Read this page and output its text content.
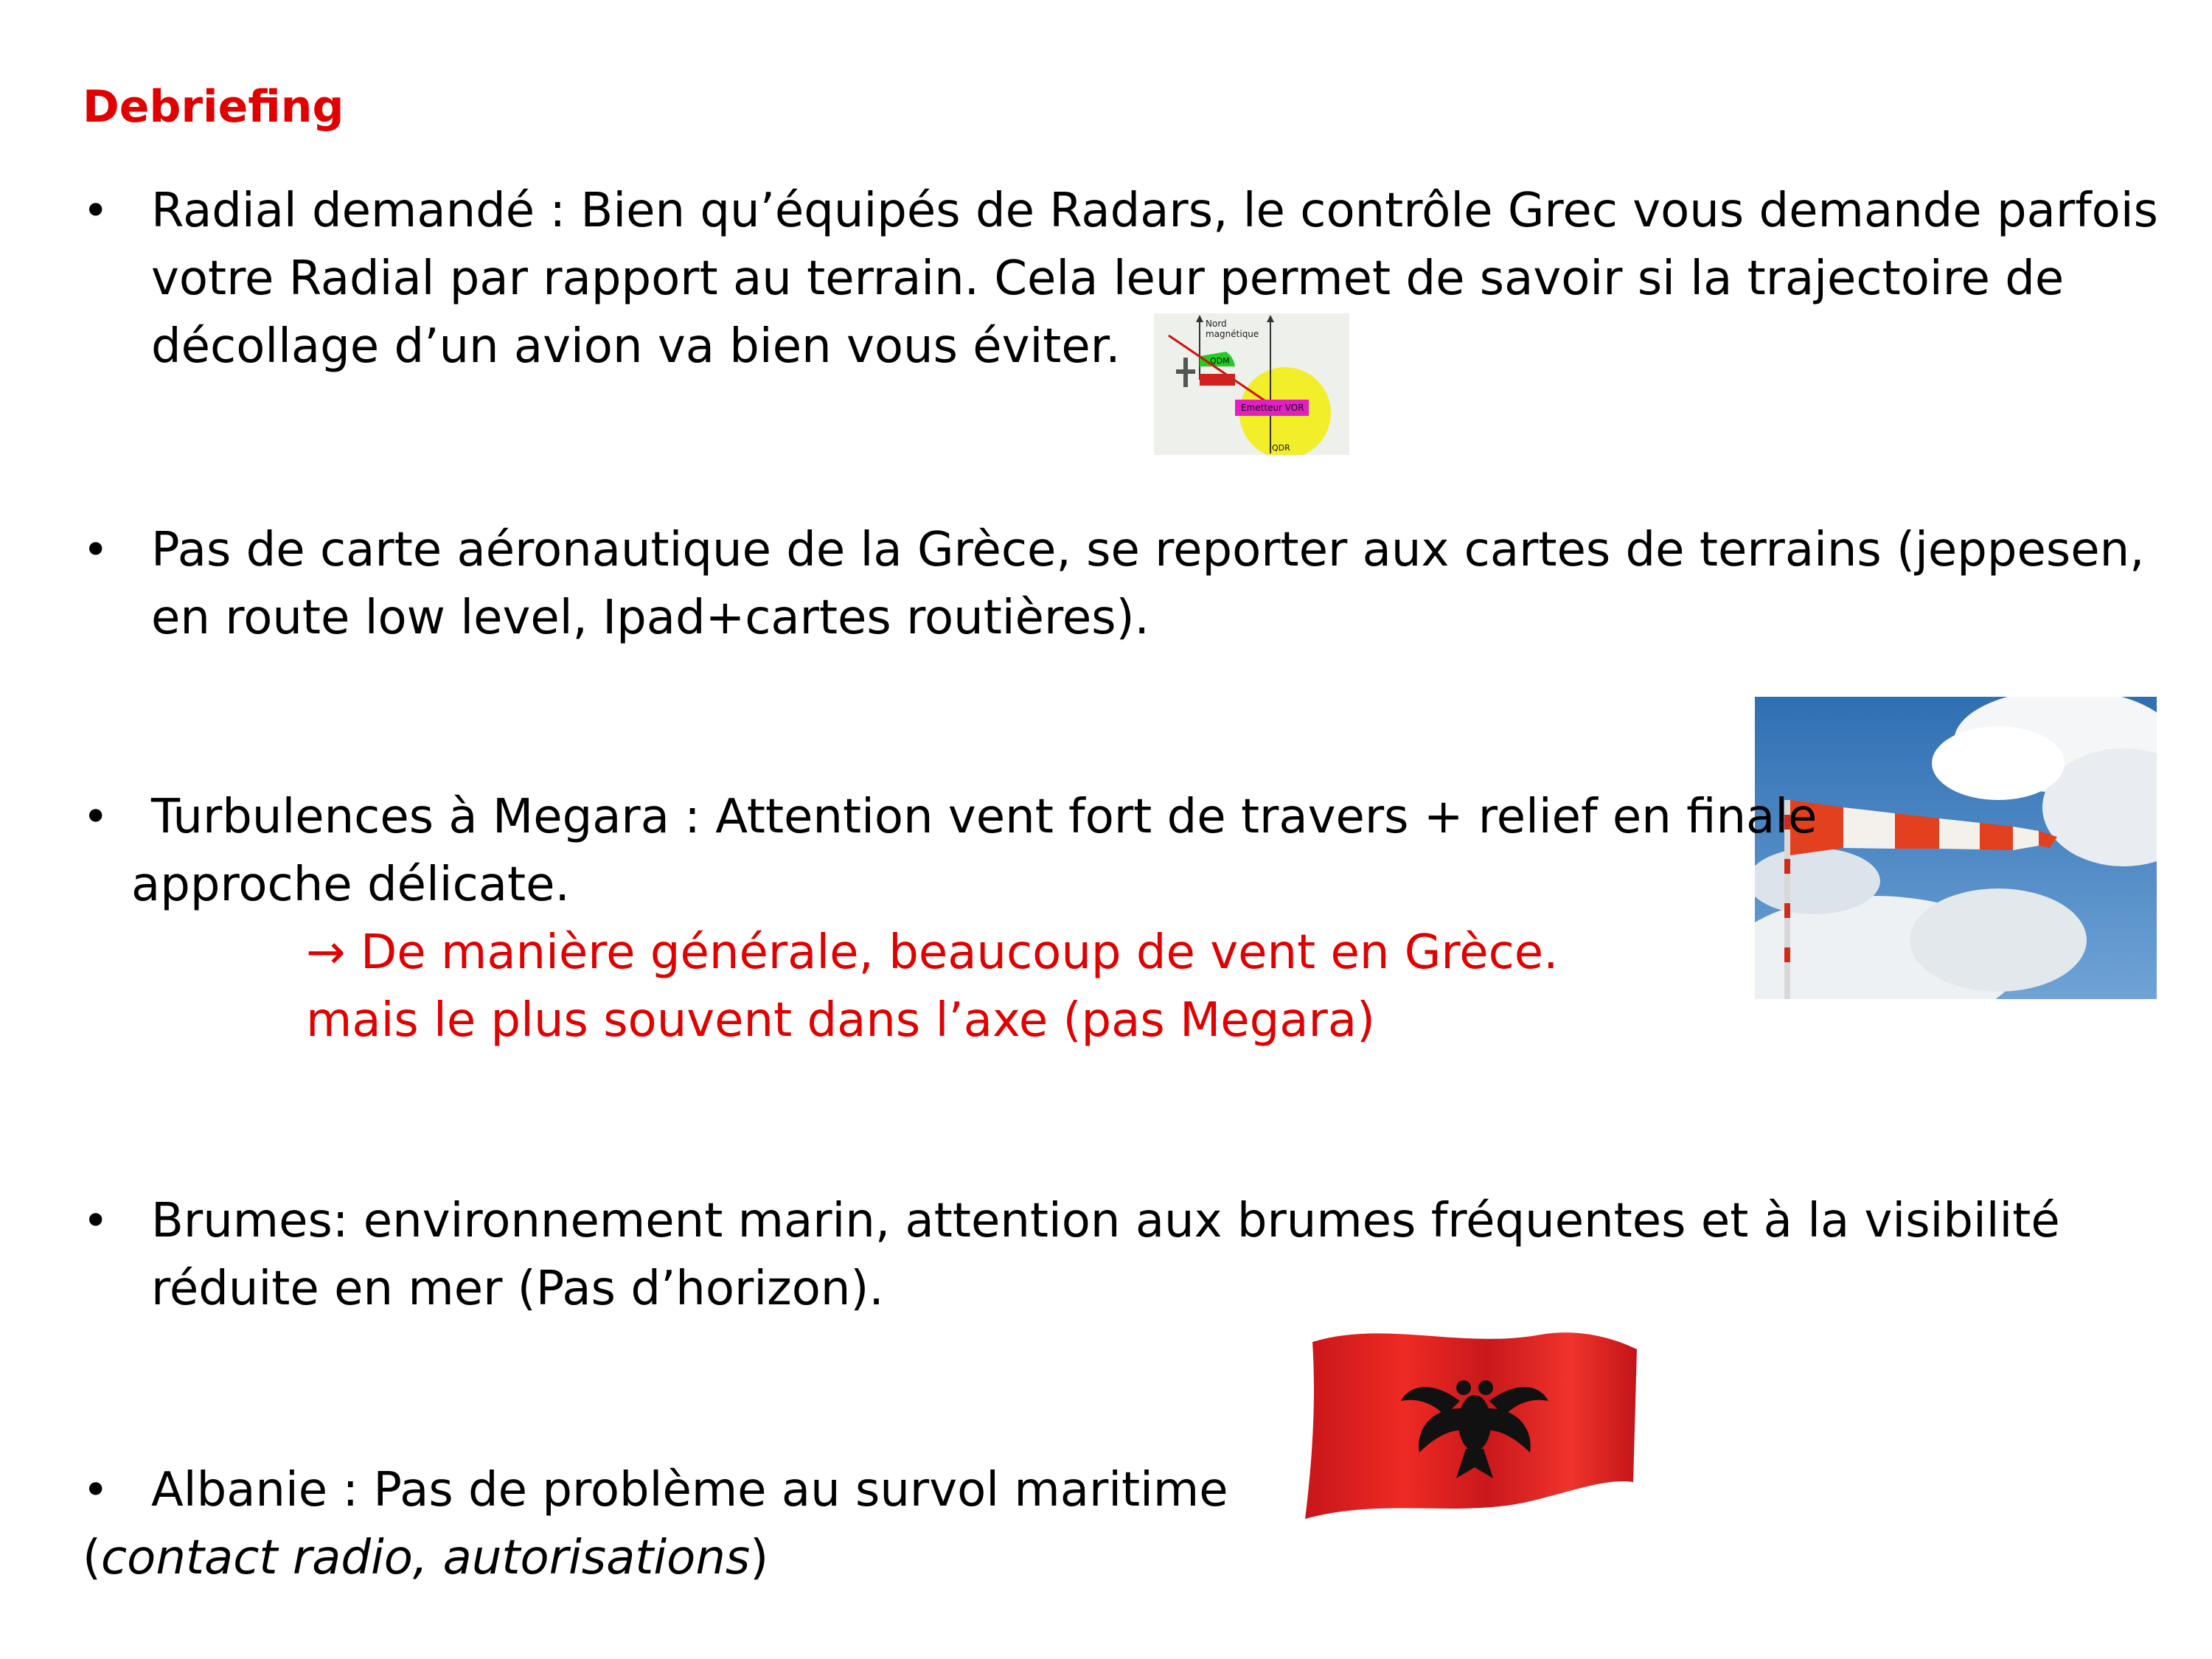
Debriefing
• Radial demandé : Bien qu’équipés de Radars, le contrôle Grec vous demande parfois
votre Radial par rapport au terrain. Cela leur permet de savoir si la trajectoire de
décollage d’un avion va bien vous éviter.	Nord
magnétique
QDM
Emetteur VOR
QDR
• Pas de carte aéronautique de la Grèce, se reporter aux cartes de terrains (jeppesen,
en route low level, Ipad+cartes routières).
• Turbulences à Megara : Attention vent fort de travers + relief en finale
approche délicate.
→ De manière générale, beaucoup de vent en Grèce.
mais le plus souvent dans l’axe (pas Megara)
• Brumes: environnement marin, attention aux brumes fréquentes et à la visibilité
réduite en mer (Pas d’horizon).
• Albanie : Pas de problème au survol maritime
(contact radio, autorisations)
